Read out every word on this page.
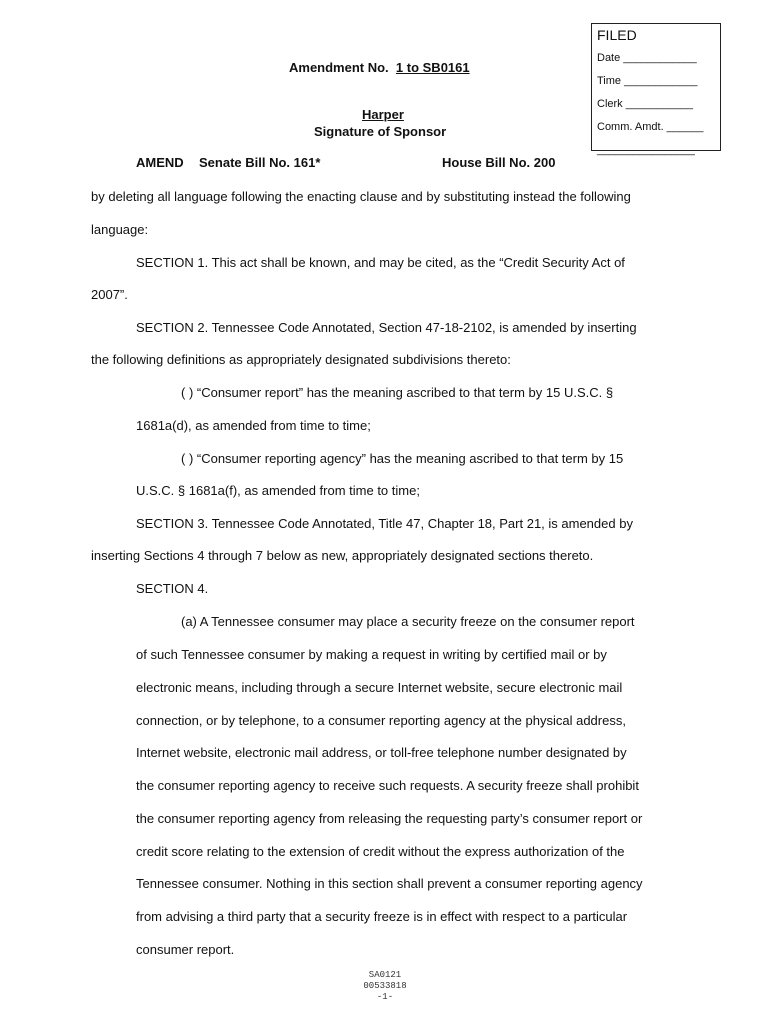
FILED
Date ____________
Time ____________
Clerk ___________
Comm. Amdt. ______
________________
Amendment No. 1 to SB0161
Harper
Signature of Sponsor
AMEND Senate Bill No. 161*	House Bill No. 200
by deleting all language following the enacting clause and by substituting instead the following
language:
SECTION 1. This act shall be known, and may be cited, as the “Credit Security Act of
2007”.
SECTION 2. Tennessee Code Annotated, Section 47-18-2102, is amended by inserting
the following definitions as appropriately designated subdivisions thereto:
( ) “Consumer report” has the meaning ascribed to that term by 15 U.S.C. §
1681a(d), as amended from time to time;
( ) “Consumer reporting agency” has the meaning ascribed to that term by 15
U.S.C. § 1681a(f), as amended from time to time;
SECTION 3. Tennessee Code Annotated, Title 47, Chapter 18, Part 21, is amended by
inserting Sections 4 through 7 below as new, appropriately designated sections thereto.
SECTION 4.
(a) A Tennessee consumer may place a security freeze on the consumer report
of such Tennessee consumer by making a request in writing by certified mail or by
electronic means, including through a secure Internet website, secure electronic mail
connection, or by telephone, to a consumer reporting agency at the physical address,
Internet website, electronic mail address, or toll-free telephone number designated by
the consumer reporting agency to receive such requests. A security freeze shall prohibit
the consumer reporting agency from releasing the requesting party’s consumer report or
credit score relating to the extension of credit without the express authorization of the
Tennessee consumer. Nothing in this section shall prevent a consumer reporting agency
from advising a third party that a security freeze is in effect with respect to a particular
consumer report.
SA0121
00533818
-1-
